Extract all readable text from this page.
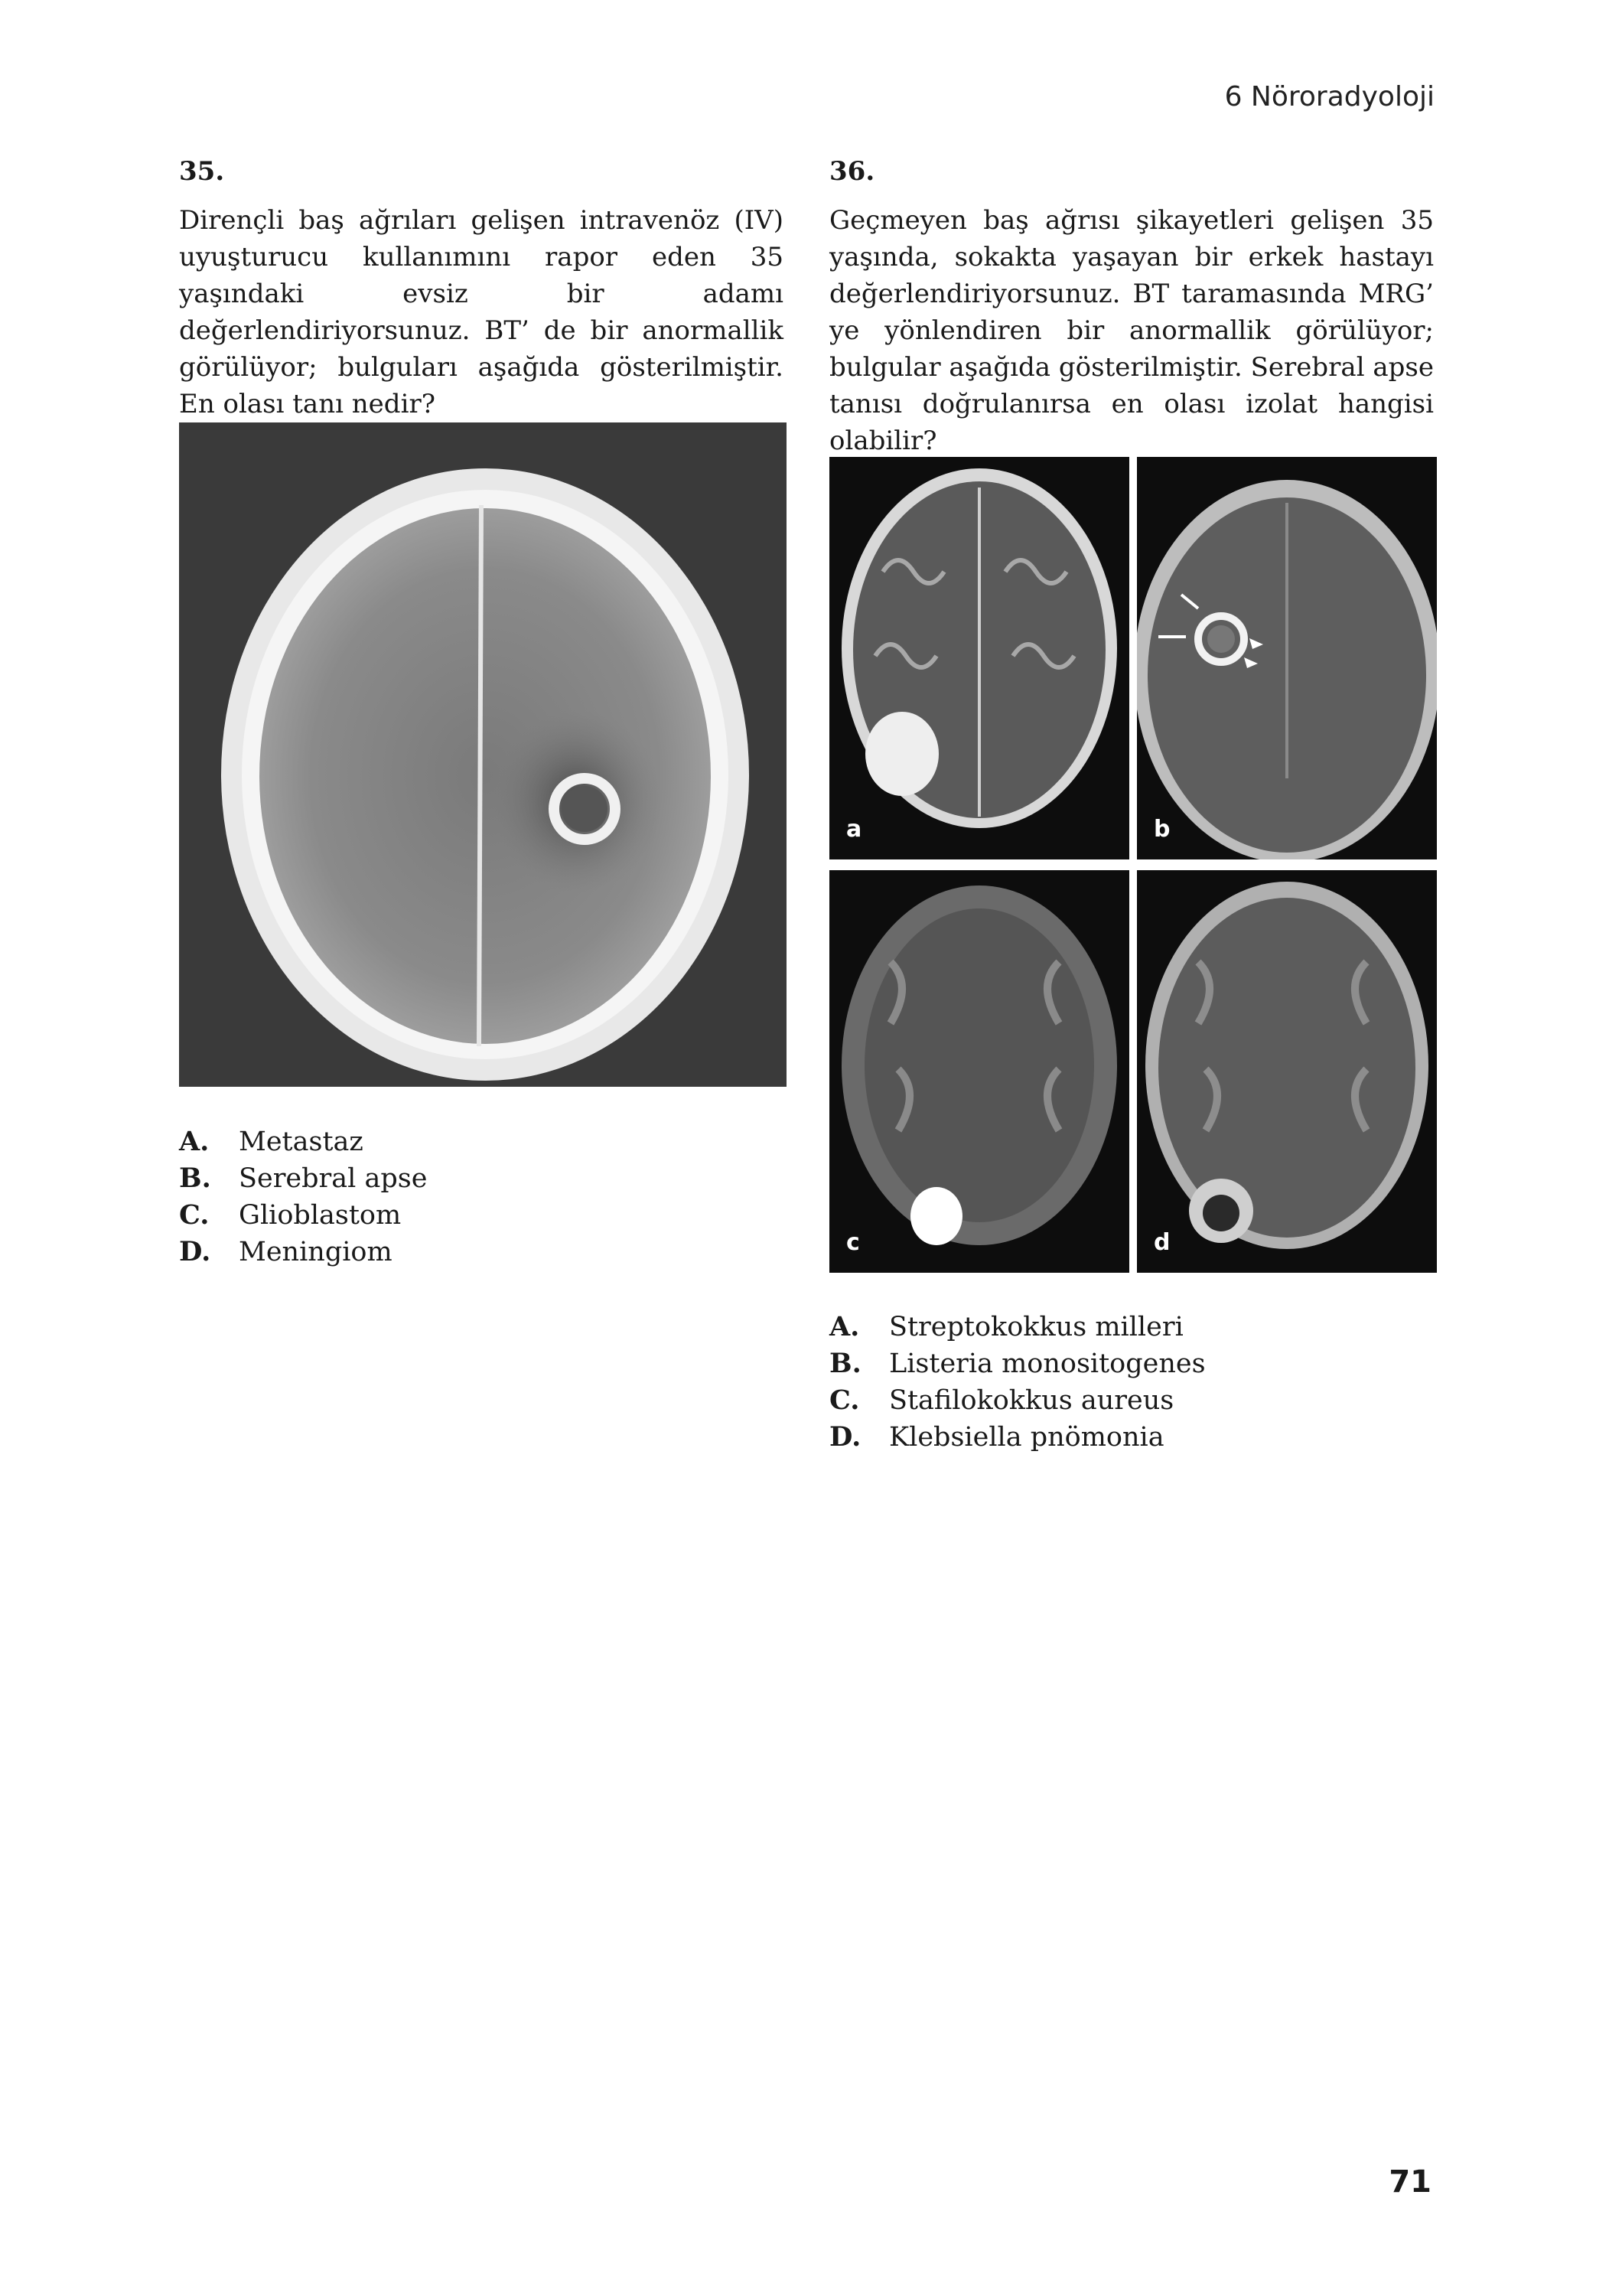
6 Nöroradyoloji
35.
Dirençli baş ağrıları gelişen intravenöz (IV) uyuşturucu kullanımını rapor eden 35 yaşındaki evsiz bir adamı değerlendiriyorsunuz. BT’ de bir anormallik görülüyor; bulguları aşağıda gösterilmiştir. En olası tanı nedir?
A.	Metastaz
B.	Serebral apse
C.	Glioblastom
D.	Meningiom
36.
Geçmeyen baş ağrısı şikayetleri gelişen 35 yaşında, sokakta yaşayan bir erkek hastayı değerlendiriyorsunuz. BT taramasında MRG’ ye yönlendiren bir anormallik görülüyor; bulgular aşağıda gösterilmiştir. Serebral apse tanısı doğrulanırsa en olası izolat hangisi olabilir?
a	b
c	d
A.	Streptokokkus milleri
B.	Listeria monositogenes
C.	Stafilokokkus aureus
D.	Klebsiella pnömonia
71
